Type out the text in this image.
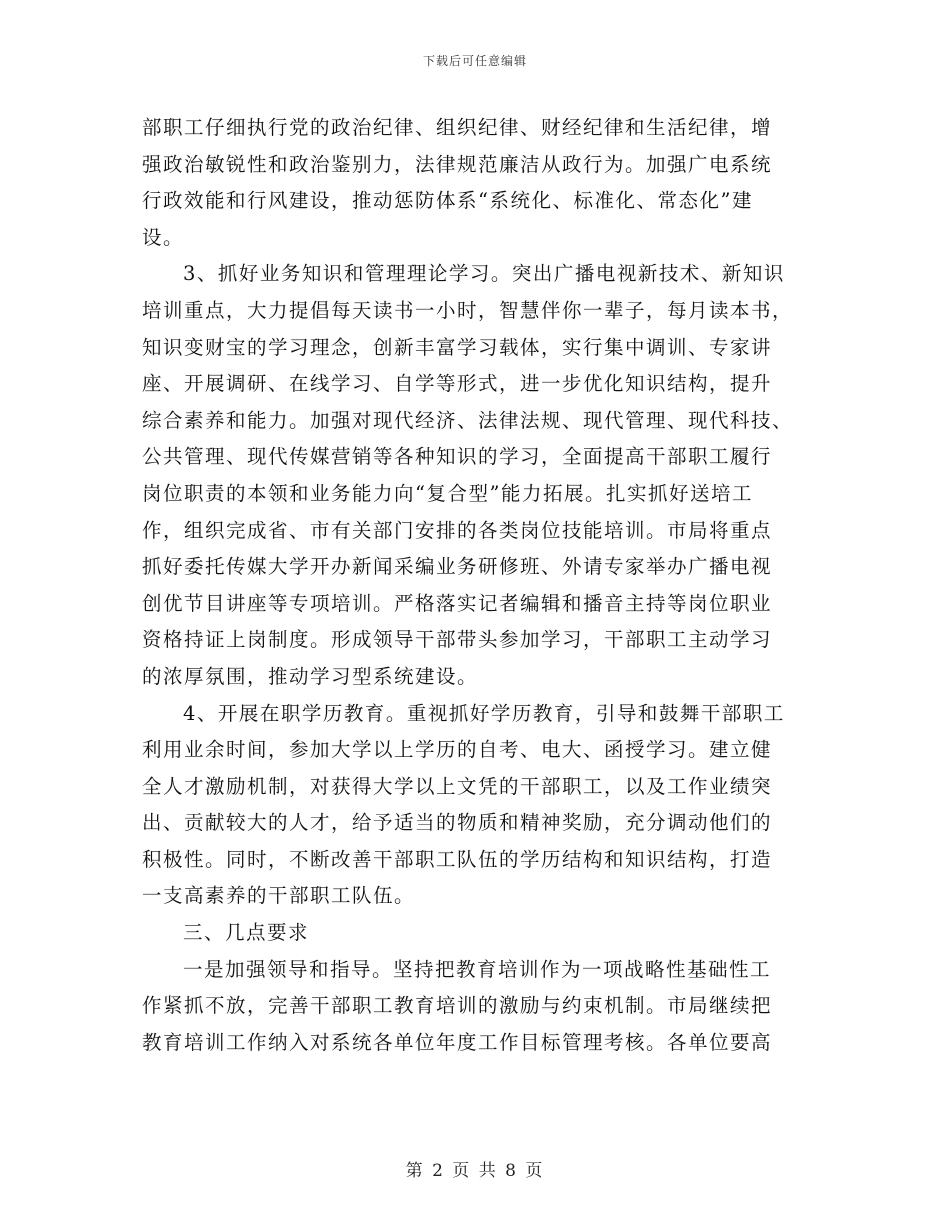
下载后可任意编辑
部职工仔细执行党的政治纪律、组织纪律、财经纪律和生活纪律，增
强政治敏锐性和政治鉴别力，法律规范廉洁从政行为。加强广电系统
行政效能和行风建设，推动惩防体系“系统化、标准化、常态化”建
设。
3、抓好业务知识和管理理论学习。突出广播电视新技术、新知识
培训重点，大力提倡每天读书一小时，智慧伴你一辈子，每月读本书，
知识变财宝的学习理念，创新丰富学习载体，实行集中调训、专家讲
座、开展调研、在线学习、自学等形式，进一步优化知识结构，提升
综合素养和能力。加强对现代经济、法律法规、现代管理、现代科技、
公共管理、现代传媒营销等各种知识的学习，全面提高干部职工履行
岗位职责的本领和业务能力向“复合型”能力拓展。扎实抓好送培工
作，组织完成省、市有关部门安排的各类岗位技能培训。市局将重点
抓好委托传媒大学开办新闻采编业务研修班、外请专家举办广播电视
创优节目讲座等专项培训。严格落实记者编辑和播音主持等岗位职业
资格持证上岗制度。形成领导干部带头参加学习，干部职工主动学习
的浓厚氛围，推动学习型系统建设。
4、开展在职学历教育。重视抓好学历教育，引导和鼓舞干部职工
利用业余时间，参加大学以上学历的自考、电大、函授学习。建立健
全人才激励机制，对获得大学以上文凭的干部职工，以及工作业绩突
出、贡献较大的人才，给予适当的物质和精神奖励，充分调动他们的
积极性。同时，不断改善干部职工队伍的学历结构和知识结构，打造
一支高素养的干部职工队伍。
三、几点要求
一是加强领导和指导。坚持把教育培训作为一项战略性基础性工
作紧抓不放，完善干部职工教育培训的激励与约束机制。市局继续把
教育培训工作纳入对系统各单位年度工作目标管理考核。各单位要高
第 2 页 共 8 页
